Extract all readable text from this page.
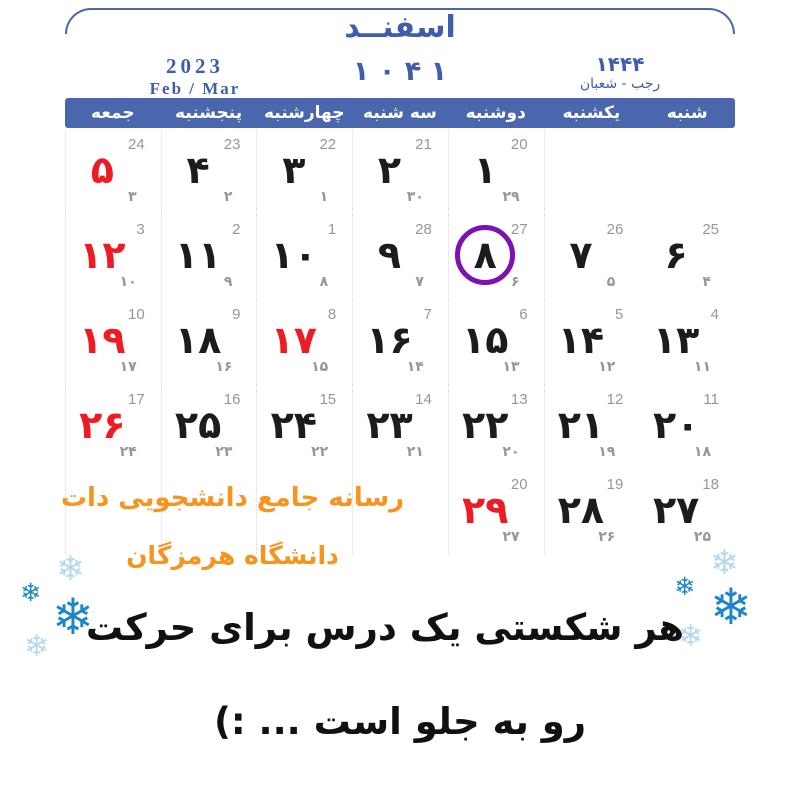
اسفنــد
2023
Feb / Mar
۱ ۴ ۰ ۱	۱۴۴۴
رجب - شعبان
شنبه
یکشنبه
دوشنبه
سه شنبه
چهارشنبه
پنجشنبه
جمعه
20
۱
۲۹
21
۲
۳۰
22
۳
۱
23
۴
۲
24
۵
۳
25
۶
۴
26
۷
۵
27
۸
۶
28
۹
۷
1
۱۰
۸
2
۱۱
۹
3
۱۲
۱۰
4
۱۳
۱۱
5
۱۴
۱۲
6
۱۵
۱۳
7
۱۶
۱۴
8
۱۷
۱۵
9
۱۸
۱۶
10
۱۹
۱۷
11
۲۰
۱۸
12
۲۱
۱۹
13
۲۲
۲۰
14
۲۳
۲۱
15
۲۴
۲۲
16
۲۵
۲۳
17
۲۶
۲۴
18
۲۷
۲۵
19
۲۸
۲۶
20
۲۹
۲۷
رسانه جامع دانشجویی دات
دانشگاه هرمزگان
هر شکستی یک درس برای حرکت
رو به جلو است ... :)
❄
❄ ❄
❄
❄
❄ ❄
❄
